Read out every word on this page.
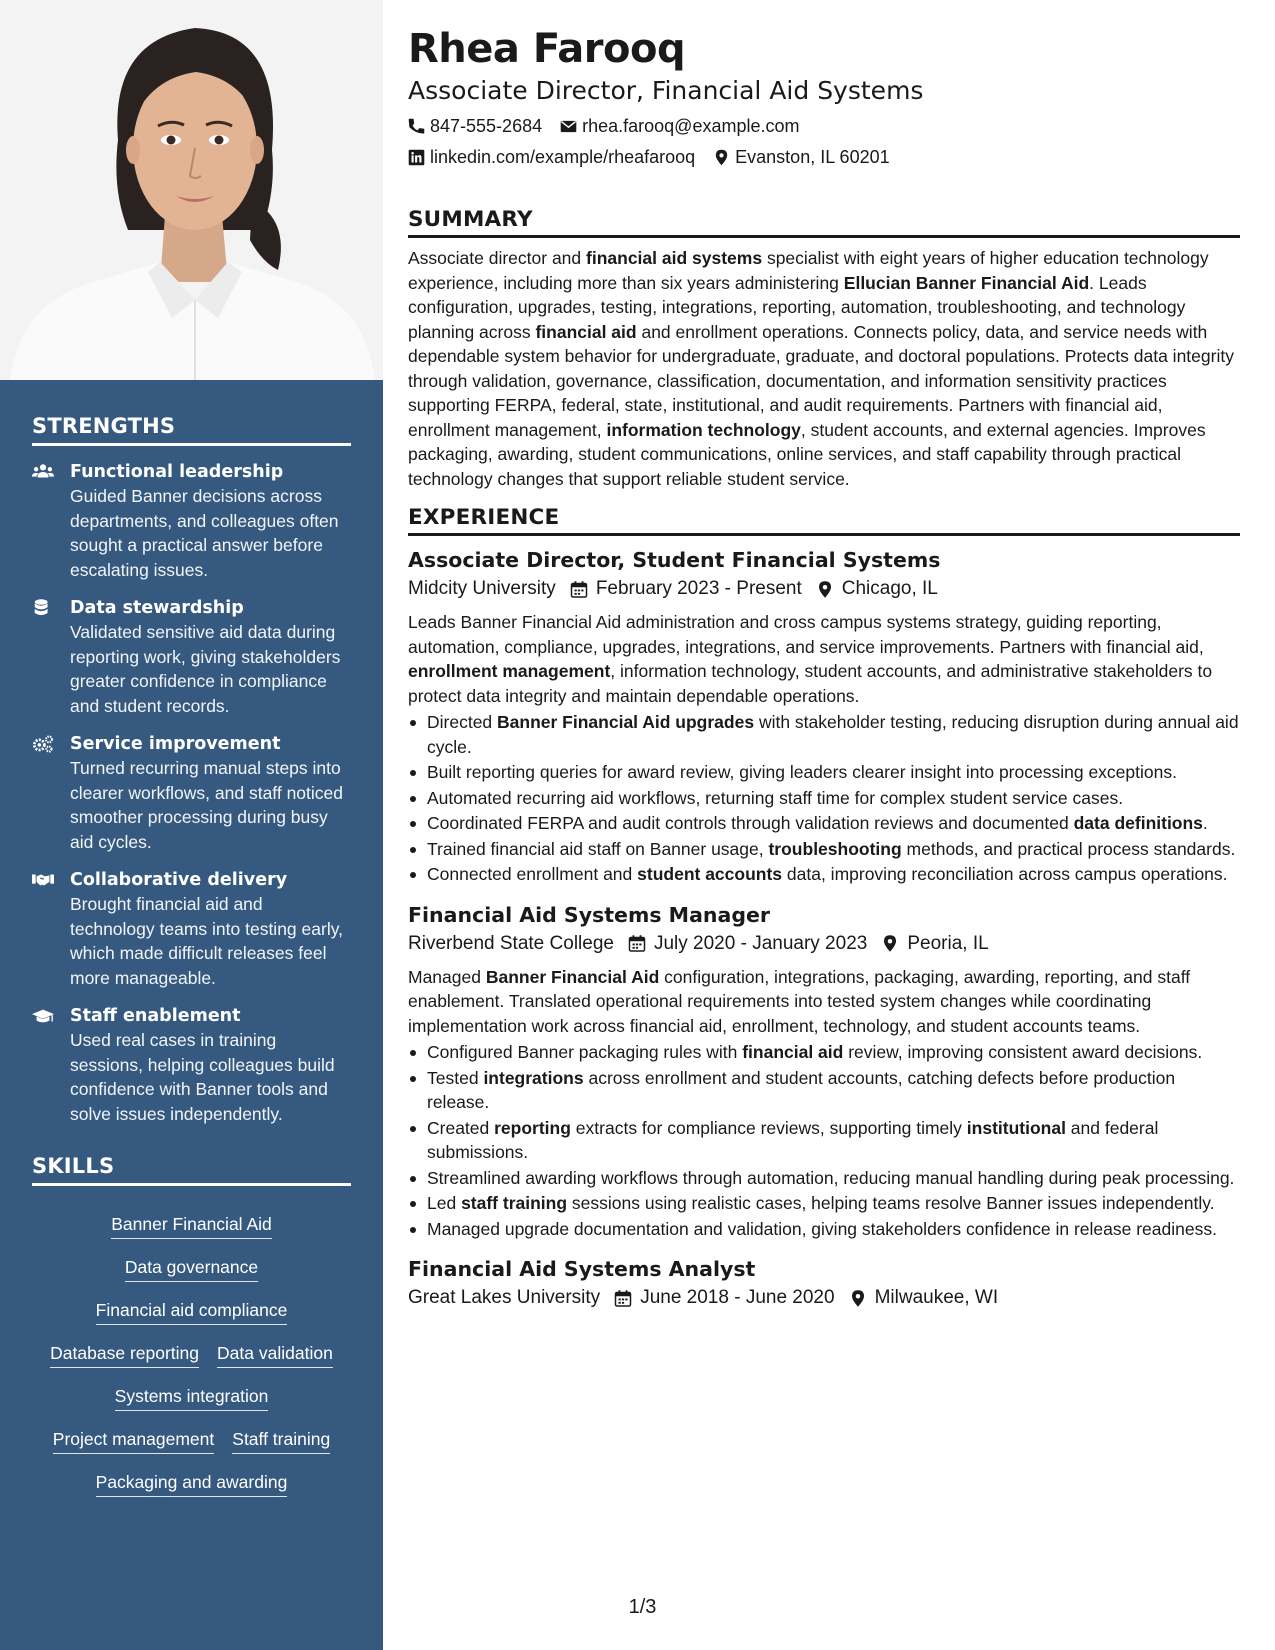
STRENGTHS
Functional leadership
Guided Banner decisions across departments, and colleagues often sought a practical answer before escalating issues.
Data stewardship
Validated sensitive aid data during reporting work, giving stakeholders greater confidence in compliance and student records.
Service improvement
Turned recurring manual steps into clearer workflows, and staff noticed smoother processing during busy aid cycles.
Collaborative delivery
Brought financial aid and technology teams into testing early, which made difficult releases feel more manageable.
Staff enablement
Used real cases in training sessions, helping colleagues build confidence with Banner tools and solve issues independently.
SKILLS
Banner Financial Aid
Data governance
Financial aid compliance
Database reporting Data validation
Systems integration
Project management Staff training
Packaging and awarding
Rhea Farooq
Associate Director, Financial Aid Systems
847-555-2684 rhea.farooq@example.com
linkedin.com/example/rheafarooq Evanston, IL 60201
SUMMARY

Associate director and financial aid systems specialist with eight years of higher education technology experience, including more than six years administering Ellucian Banner Financial Aid. Leads configuration, upgrades, testing, integrations, reporting, automation, troubleshooting, and technology planning across financial aid and enrollment operations. Connects policy, data, and service needs with dependable system behavior for undergraduate, graduate, and doctoral populations. Protects data integrity through validation, governance, classification, documentation, and information sensitivity practices supporting FERPA, federal, state, institutional, and audit requirements. Partners with financial aid, enrollment management, information technology, student accounts, and external agencies. Improves packaging, awarding, student communications, online services, and staff capability through practical technology changes that support reliable student service.

EXPERIENCE
Associate Director, Student Financial Systems
Midcity University February 2023 - Present Chicago, IL

Leads Banner Financial Aid administration and cross campus systems strategy, guiding reporting, automation, compliance, upgrades, integrations, and service improvements. Partners with financial aid, enrollment management, information technology, student accounts, and administrative stakeholders to protect data integrity and maintain dependable operations.

Directed Banner Financial Aid upgrades with stakeholder testing, reducing disruption during annual aid cycle.
Built reporting queries for award review, giving leaders clearer insight into processing exceptions.
Automated recurring aid workflows, returning staff time for complex student service cases.
Coordinated FERPA and audit controls through validation reviews and documented data definitions.
Trained financial aid staff on Banner usage, troubleshooting methods, and practical process standards.
Connected enrollment and student accounts data, improving reconciliation across campus operations.
Financial Aid Systems Manager
Riverbend State College July 2020 - January 2023 Peoria, IL

Managed Banner Financial Aid configuration, integrations, packaging, awarding, reporting, and staff enablement. Translated operational requirements into tested system changes while coordinating implementation work across financial aid, enrollment, technology, and student accounts teams.

Configured Banner packaging rules with financial aid review, improving consistent award decisions.
Tested integrations across enrollment and student accounts, catching defects before production release.
Created reporting extracts for compliance reviews, supporting timely institutional and federal submissions.
Streamlined awarding workflows through automation, reducing manual handling during peak processing.
Led staff training sessions using realistic cases, helping teams resolve Banner issues independently.
Managed upgrade documentation and validation, giving stakeholders confidence in release readiness.
Financial Aid Systems Analyst
Great Lakes University June 2018 - June 2020 Milwaukee, WI
1/3
